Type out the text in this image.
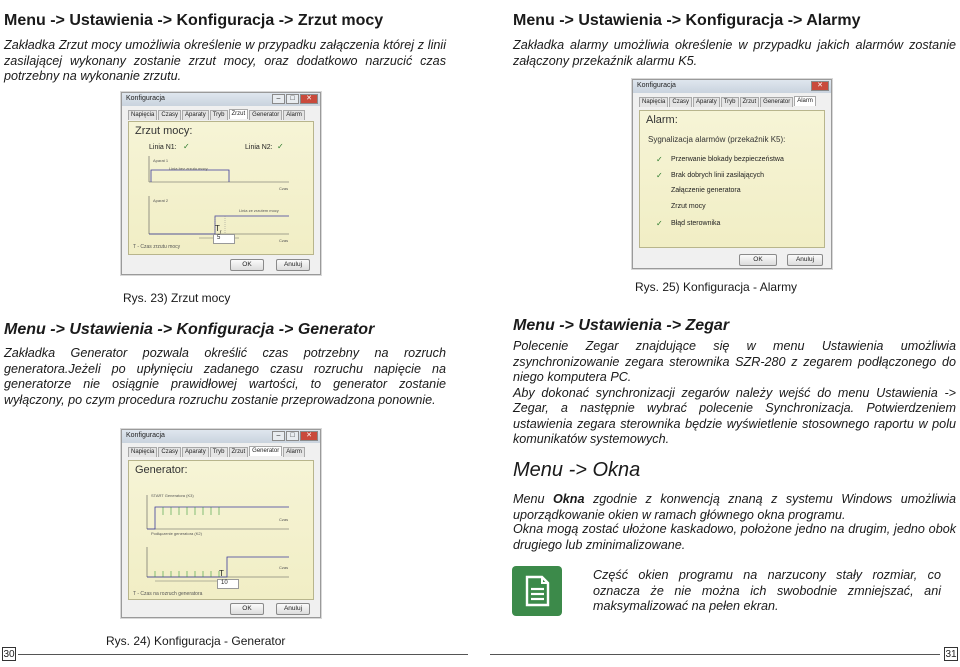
Menu -> Ustawienia -> Konfiguracja -> Zrzut mocy
Zakładka Zrzut mocy umożliwia określenie w przypadku załączenia której z linii zasilającej wykonany zostanie zrzut mocy, oraz dodatkowo narzucić czas potrzebny na wykonanie zrzutu.
Konfiguracja	–	□	✕
Napięcia	Czasy	Aparaty	Tryb	Zrzut	Generator	Alarm
Zrzut mocy:
Linia N1: ✓	Linia N2: ✓
Aparat 1
Linia bez zrzutu mocy
Czas
Aparat 2
Linia ze zrzutem mocy
Czas
$T_r$
5
T - Czas zrzutu mocy
OK	Anuluj
Rys. 23) Zrzut mocy
Menu -> Ustawienia -> Konfiguracja -> Generator
Zakładka Generator pozwala określić czas potrzebny na rozruch generatora.Jeżeli po upłynięciu zadanego czasu rozruchu napięcie na generatorze nie osiągnie prawidłowej wartości, to generator zostanie wyłączony, po czym procedura rozruchu zostanie przeprowadzona ponownie.
Konfiguracja	–	□	✕
Napięcia	Czasy	Aparaty	Tryb	Zrzut	Generator	Alarm
Generator:
START Generatora (K3)
Czas
Podłączenie generatora (K2)
Czas
T
10
T - Czas na rozruch generatora
OK	Anuluj
Rys. 24) Konfiguracja - Generator
30
Menu -> Ustawienia -> Konfiguracja -> Alarmy
Zakładka alarmy umożliwia określenie w przypadku jakich alarmów zostanie załączony przekaźnik alarmu K5.
Konfiguracja	✕
Napięcia	Czasy	Aparaty	Tryb	Zrzut	Generator	Alarm
Alarm:
Sygnalizacja alarmów (przekaźnik K5):
✓	Przerwanie blokady bezpieczeństwa
✓	Brak dobrych linii zasilających
Załączenie generatora
Zrzut mocy
✓	Błąd sterownika
OK	Anuluj
Rys. 25) Konfiguracja - Alarmy
Menu -> Ustawienia -> Zegar
Polecenie Zegar znajdujące się w menu Ustawienia umożliwia zsynchronizowanie zegara sterownika SZR-280 z zegarem podłączonego do niego komputera PC.
Aby dokonać synchronizacji zegarów należy wejść do menu Ustawienia -> Zegar, a następnie wybrać polecenie Synchronizacja. Potwierdzeniem ustawienia zegara sterownika będzie wyświetlenie stosownego raportu w polu komunikatów systemowych.
Menu -> Okna
Menu Okna zgodnie z konwencją znaną z systemu Windows umożliwia uporządkowanie okien w ramach głównego okna programu.
Okna mogą zostać ułożone kaskadowo, położone jedno na drugim, jedno obok drugiego lub zminimalizowane.
Część okien programu na narzucony stały rozmiar, co oznacza że nie można ich swobodnie zmniejszać, ani maksymalizować na pełen ekran.
31
